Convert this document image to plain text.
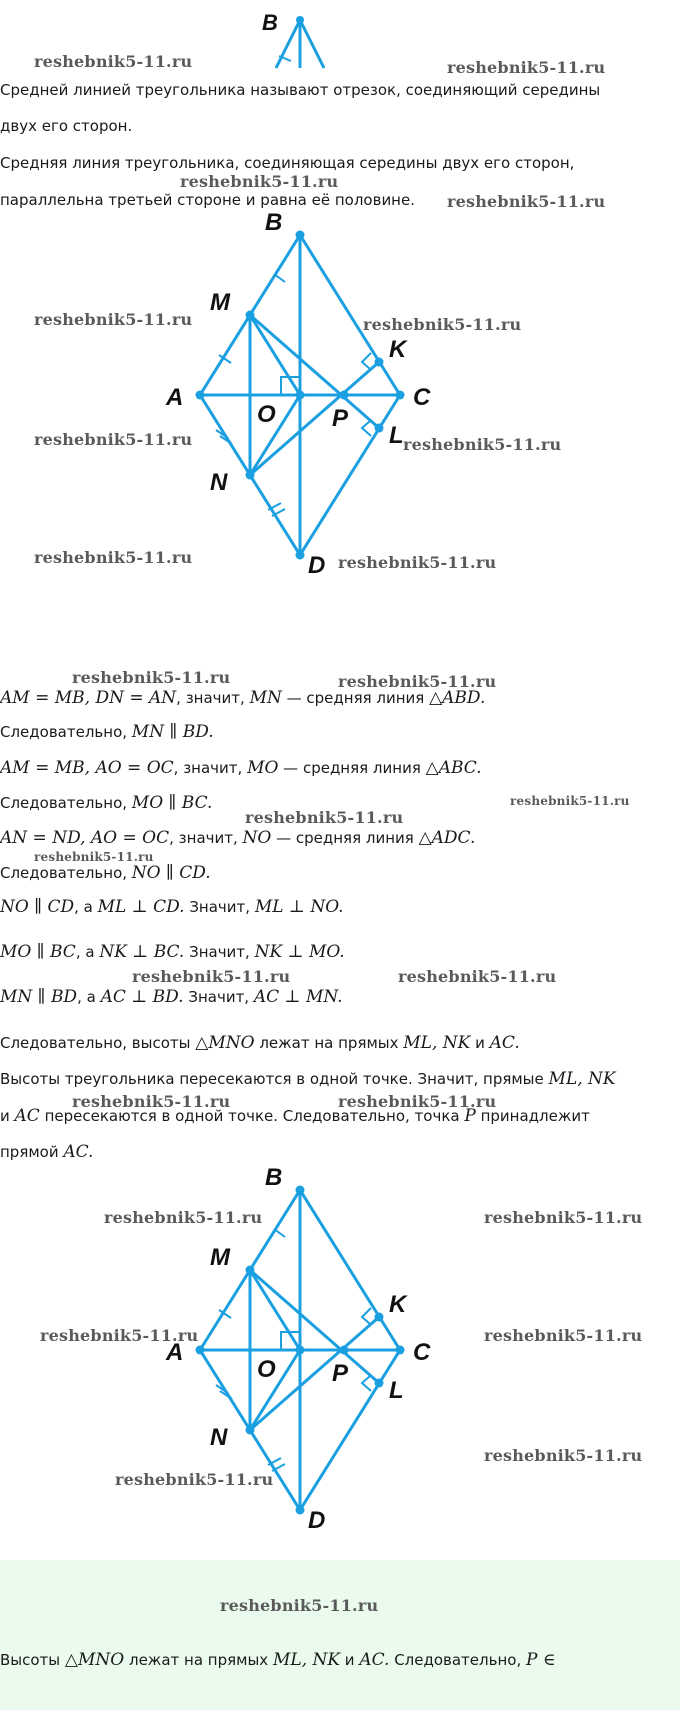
B
reshebnik5-11.ru	reshebnik5-11.ru
Средней линией треугольника называют отрезок, соединяющий середины
двух его сторон.
Средняя линия треугольника, соединяющая середины двух его сторон,
параллельна третьей стороне и равна её половине.
reshebnik5-11.ru
reshebnik5-11.ru
A
B
C
D
M
N
O P
K
L
reshebnik5-11.ru	reshebnik5-11.ru
reshebnik5-11.ru	reshebnik5-11.ru
reshebnik5-11.ru	reshebnik5-11.ru
AM = MB, DN = AN, значит, MN — средняя линия △ABD.
Следовательно, MN ∥ BD.
AM = MB, AO = OC, значит, MO — средняя линия △ABC.
Следовательно, MO ∥ BC.
AN = ND, AO = OC, значит, NO — средняя линия △ADC.
Следовательно, NO ∥ CD.
NO ∥ CD, а ML ⊥ CD. Значит, ML ⊥ NO.
MO ∥ BC, а NK ⊥ BC. Значит, NK ⊥ MO.
MN ∥ BD, а AC ⊥ BD. Значит, AC ⊥ MN.
Следовательно, высоты △MNO лежат на прямых ML, NK и AC.
Высоты треугольника пересекаются в одной точке. Значит, прямые ML, NK
и AC пересекаются в одной точке. Следовательно, точка P принадлежит
прямой AC.
reshebnik5-11.ru	reshebnik5-11.ru
reshebnik5-11.ru
reshebnik5-11.ru
reshebnik5-11.ru
reshebnik5-11.ru	reshebnik5-11.ru
reshebnik5-11.ru	reshebnik5-11.ru
A
B
C
D
M
N
O P
K
L
reshebnik5-11.ru	reshebnik5-11.ru
reshebnik5-11.ru	reshebnik5-11.ru
reshebnik5-11.ru
reshebnik5-11.ru
reshebnik5-11.ru
Высоты △MNO лежат на прямых ML, NK и AC. Следовательно, P ∈
